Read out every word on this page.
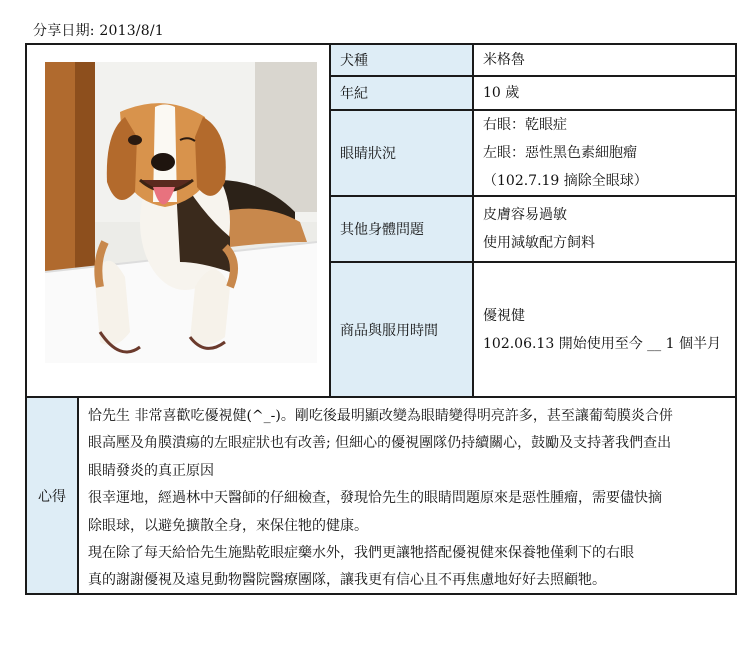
分享日期: 2013/8/1
犬種	米格魯
年紀	10 歲
眼睛狀況
右眼：乾眼症
左眼：惡性黑色素細胞瘤
（102.7.19 摘除全眼球）
其他身體問題
皮膚容易過敏
使用減敏配方飼料
商品與服用時間
優視健
102.06.13 開始使用至今 __ 1 個半月
心得
恰先生 非常喜歡吃優視健(^_-)。剛吃後最明顯改變為眼睛變得明亮許多，甚至讓葡萄膜炎合併
眼高壓及角膜潰瘍的左眼症狀也有改善; 但細心的優視團隊仍持續關心，鼓勵及支持著我們查出
眼睛發炎的真正原因
很幸運地，經過林中天醫師的仔細檢查，發現恰先生的眼睛問題原來是惡性腫瘤，需要儘快摘
除眼球，以避免擴散全身，來保住牠的健康。
現在除了每天給恰先生施點乾眼症藥水外，我們更讓牠搭配優視健來保養牠僅剩下的右眼
真的謝謝優視及遠見動物醫院醫療團隊，讓我更有信心且不再焦慮地好好去照顧牠。
